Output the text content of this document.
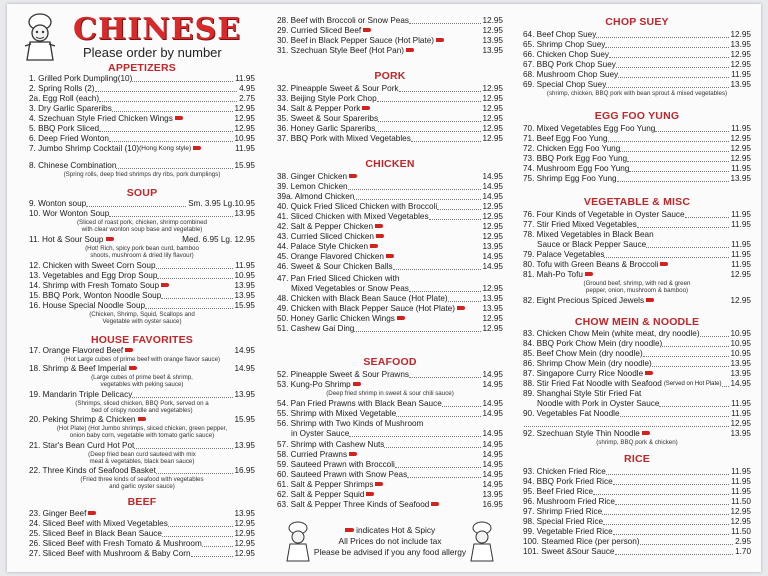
CHINESE
Please order by number
APPETIZERS
11.95
1. Grilled Pork Dumpling(10)
4.95
2. Spring Rolls (2)
2.75
2a. Egg Roll (each)
12.95
3. Dry Garlic Spareribs
12.95
4. Szechuan Style Fried Chicken Wings
12.95
5. BBQ Pork Sliced
10.95
6. Deep Fried Wonton
11.95
7. Jumbo Shrimp Cocktail (10) (Hong Kong style)
15.95
8. Chinese Combination
(Spring rolls, deep fried shrimps dry ribs, pork dumplings)
SOUP
Sm. 3.95 Lg.10.95
9. Wonton soup
13.95
10. Wor Wonton Soup
(Sliced of roast pork, chicken, shrimp combined
with clear wonton soup base and vegetable)
Med. 6.95 Lg. 12.95
11. Hot & Sour Soup
(Hot! Rich, spicy pork bean curd, bamboo
shoots, mushroom & dried lily flavour)
11.95
12. Chicken with Sweet Corn Soup
10.95
13. Vegetables and Egg Drop Soup
13.95
14. Shrimp with Fresh Tomato Soup
13.95
15. BBQ Pork, Wonton Noodle Soup
15.95
16. House Special Noodle Soup
(Chicken, Shrimp, Squid, Scallops and
Vegetable with oyster sauce)
HOUSE FAVORITES
14.95
17. Orange Flavored Beef
(Hot Large cubes of prime beef with orange flavor sauce)
14.95
18. Shrimp & Beef Imperial
(Large cubes of prime beef & shrimp,
vegetables with peking sauce)
13.95
19. Mandarin Triple Delicacy
(Shrimps, sliced chicken, BBQ Pork, served on a
bed of crispy noodle and vegetables)
15.95
20. Peking Shrimp & Chicken
(Hot Plate) (Hot Jumbo shrimps, sliced chicken, green pepper,
onion baby corn, vegetable with tomato garlic sauce)
13.95
21. Star's Bean Curd Hot Pot
(Deep fried bean curd sauteed with mix
meat & vegetables, black bean sauce)
16.95
22. Three Kinds of Seafood Basket
(Fried three kinds of seafood with vegetables
and garlic oyster sauce)
BEEF
13.95
23. Ginger Beef
12.95
24. Sliced Beef with Mixed Vegetables
12.95
25. Sliced Beef in Black Bean Sauce
12.95
26. Sliced Beef with Fresh Tomato & Mushroom
12.95
27. Sliced Beef with Mushroom & Baby Corn
12.95
28. Beef with Broccoli or Snow Peas
12.95
29. Curried Sliced Beef
13.95
30. Beef in Black Pepper Sauce (Hot Plate)
13.95
31. Szechuan Style Beef (Hot Pan)
PORK
12.95
32. Pineapple Sweet & Sour Pork
12.95
33. Beijing Style Pork Chop
12.95
34. Salt & Pepper Pork
12.95
35. Sweet & Sour Spareribs
12.95
36. Honey Garlic Spareribs
12.95
37. BBQ Pork with Mixed Vegetables
CHICKEN
14.95
38. Ginger Chicken
14.95
39. Lemon Chicken
14.95
39a. Almond Chicken
12.95
40. Quick Fried Sliced Chicken with Broccoli
12.95
41. Sliced Chicken with Mixed Vegetables
12.95
42. Salt & Pepper Chicken
12.95
43. Curried Sliced Chicken
13.95
44. Palace Style Chicken
14.95
45. Orange Flavored Chicken
14.95
46. Sweet & Sour Chicken Balls
47. Pan Fried Sliced Chicken with
12.95
Mixed Vegetables or Snow Peas
13.95
48. Chicken with Black Bean Sauce (Hot Plate)
13.95
49. Chicken with Black Pepper Sauce (Hot Plate)
12.95
50. Honey Garlic Chicken Wings
12.95
51. Cashew Gai Ding
SEAFOOD
14.95
52. Pineapple Sweet & Sour Prawns
14.95
53. Kung-Po Shrimp
(Deep fried shrimp in sweet & sour chili sauce)
14.95
54. Pan Fried Prawns with Black Bean Sauce
14.95
55. Shrimp with Mixed Vegetable
56. Shrimp with Two Kinds of Mushroom
14.95
in Oyster Sauce
14.95
57. Shrimp with Cashew Nuts
14.95
58. Curried Prawns
14.95
59. Sauteed Prawn with Broccoli
14.95
60. Sauteed Prawn with Snow Peas
14.95
61. Salt & Pepper Shrimps
13.95
62. Salt & Pepper Squid
16.95
63. Salt & Pepper Three Kinds of Seafood
indicates Hot & Spicy
All Prices do not include tax
Please be advised if you any food allergy
CHOP SUEY
12.95
64. Beef Chop Suey
13.95
65. Shrimp Chop Suey
12.95
66. Chicken Chop Suey
12.95
67. BBQ Pork Chop Suey
11.95
68. Mushroom Chop Suey
13.95
69. Special Chop Suey
(shrimp, chicken, BBQ pork with bean sprout & mixed vegetables)
EGG FOO YUNG
11.95
70. Mixed Vegetables Egg Foo Yung
12.95
71. Beef Egg Foo Yung
12.95
72. Chicken Egg Foo Yung
12.95
73. BBQ Pork Egg Foo Yung
11.95
74. Mushroom Egg Foo Yung
13.95
75. Shrimp Egg Foo Yung
VEGETABLE & MISC
11.95
76. Four Kinds of Vegetable in Oyster Sauce
11.95
77. Stir Fried Mixed Vegetables
78. Mixed Vegetables in Black Bean
11.95
Sauce or Black Pepper Sauce
11.95
79. Palace Vegetables
11.95
80. Tofu with Green Beans & Broccoli
12.95
81. Mah-Po Tofu
(Ground beef, shrimp, with red & green
pepper, onion, mushroom & bamboo)
12.95
82. Eight Precious Spiced Jewels
CHOW MEIN & NOODLE
10.95
83. Chicken Chow Mein (white meat, dry noodle)
10.95
84. BBQ Pork Chow Mein (dry noodle)
10.95
85. Beef Chow Mein (dry noodle)
13.95
86. Shrimp Chow Mein (dry noodle)
13.95
87. Singapore Curry Rice Noodle
14.95
88. Stir Fried Fat Noodle with Seafood (Served on Hot Plate)
89. Shanghai Style Stir Fried Fat
11.95
Noodle with Pork in Oyster Sauce
11.95
90. Vegetables Fat Noodle
12.95
13.95
92. Szechuan Style Thin Noodle
(shrimp, BBQ pork & chicken)
RICE
11.95
93. Chicken Fried Rice
11.95
94. BBQ Pork Fried Rice
11.95
95. Beef Fried Rice
11.50
96. Mushroom Fried Rice
12.95
97. Shrimp Fried Rice
12.95
98. Special Fried Rice
11.50
99. Vegetable Fried Rice
2.95
100. Steamed Rice (per person)
1.70
101. Sweet &Sour Sauce
